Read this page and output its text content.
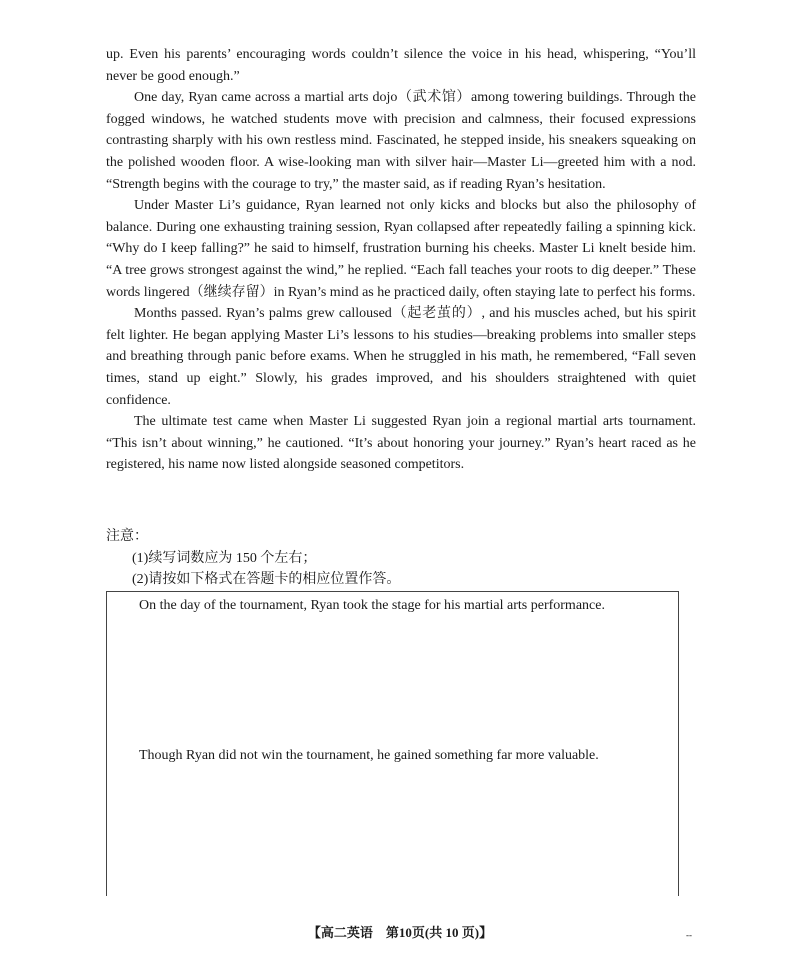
up. Even his parents’ encouraging words couldn’t silence the voice in his head, whispering, “You’ll never be good enough.”

One day, Ryan came across a martial arts dojo（武术馆）among towering buildings. Through the fogged windows, he watched students move with precision and calmness, their focused expressions contrasting sharply with his own restless mind. Fascinated, he stepped inside, his sneakers squeaking on the polished wooden floor. A wise-looking man with silver hair—Master Li—greeted him with a nod. “Strength begins with the courage to try,” the master said, as if reading Ryan’s hesitation.

Under Master Li’s guidance, Ryan learned not only kicks and blocks but also the philosophy of balance. During one exhausting training session, Ryan collapsed after repeatedly failing a spinning kick. “Why do I keep falling?” he said to himself, frustration burning his cheeks. Master Li knelt beside him. “A tree grows strongest against the wind,” he replied. “Each fall teaches your roots to dig deeper.” These words lingered（继续存留）in Ryan’s mind as he practiced daily, often staying late to perfect his forms.

Months passed. Ryan’s palms grew calloused（起老茧的）, and his muscles ached, but his spirit felt lighter. He began applying Master Li’s lessons to his studies—breaking problems into smaller steps and breathing through panic before exams. When he struggled in his math, he remembered, “Fall seven times, stand up eight.” Slowly, his grades improved, and his shoulders straightened with quiet confidence.

The ultimate test came when Master Li suggested Ryan join a regional martial arts tournament. “This isn’t about winning,” he cautioned. “It’s about honoring your journey.” Ryan’s heart raced as he registered, his name now listed alongside seasoned competitors.

注意：
(1)续写词数应为 150 个左右；
(2)请按如下格式在答题卡的相应位置作答。
On the day of the tournament, Ryan took the stage for his martial arts performance.
Though Ryan did not win the tournament, he gained something far more valuable.
【高二英语　第10页(共 10 页)】	--
